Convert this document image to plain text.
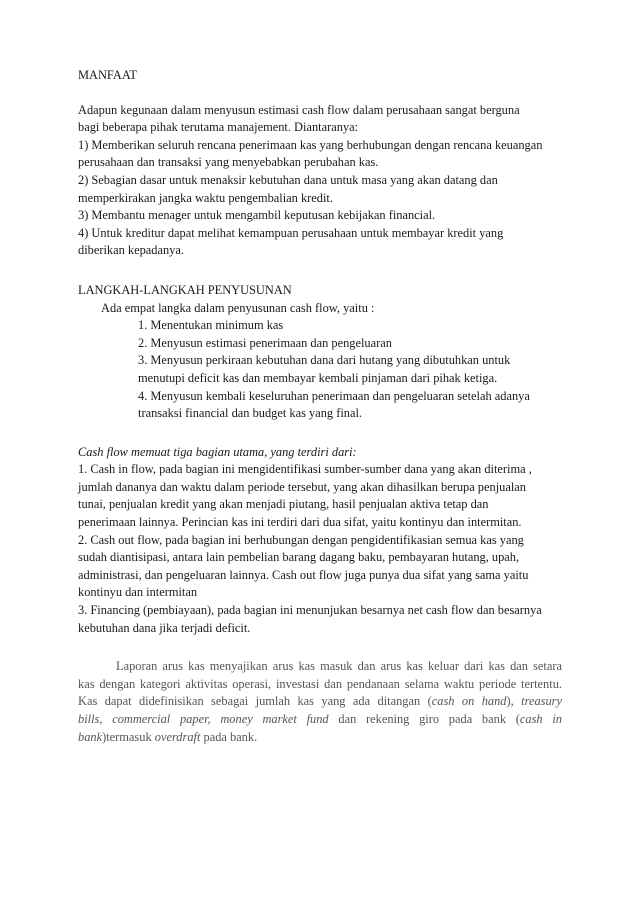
MANFAAT

Adapun kegunaan dalam menyusun estimasi cash flow dalam perusahaan sangat berguna
bagi beberapa pihak terutama manajement. Diantaranya:
1) Memberikan seluruh rencana penerimaan kas yang berhubungan dengan rencana keuangan
perusahaan dan transaksi yang menyebabkan perubahan kas.
2) Sebagian dasar untuk menaksir kebutuhan dana untuk masa yang akan datang dan
memperkirakan jangka waktu pengembalian kredit.
3) Membantu menager untuk mengambil keputusan kebijakan financial.
4) Untuk kreditur dapat melihat kemampuan perusahaan untuk membayar kredit yang
diberikan kepadanya.

LANGKAH-LANGKAH PENYUSUNAN

Ada empat langka dalam penyusunan cash flow, yaitu :
1. Menentukan minimum kas
2. Menyusun estimasi penerimaan dan pengeluaran
3. Menyusun perkiraan kebutuhan dana dari hutang yang dibutuhkan untuk
menutupi deficit kas dan membayar kembali pinjaman dari pihak ketiga.
4. Menyusun kembali keseluruhan penerimaan dan pengeluaran setelah adanya
transaksi financial dan budget kas yang final.

Cash flow memuat tiga bagian utama, yang terdiri dari:
1. Cash in flow, pada bagian ini mengidentifikasi sumber-sumber dana yang akan diterima ,
jumlah dananya dan waktu dalam periode tersebut, yang akan dihasilkan berupa penjualan
tunai, penjualan kredit yang akan menjadi piutang, hasil penjualan aktiva tetap dan
penerimaan lainnya. Perincian kas ini terdiri dari dua sifat, yaitu kontinyu dan intermitan.
2. Cash out flow, pada bagian ini berhubungan dengan pengidentifikasian semua kas yang
sudah diantisipasi, antara lain pembelian barang dagang baku, pembayaran hutang, upah,
administrasi, dan pengeluaran lainnya. Cash out flow juga punya dua sifat yang sama yaitu
kontinyu dan intermitan
3. Financing (pembiayaan), pada bagian ini menunjukan besarnya net cash flow dan besarnya
kebutuhan dana jika terjadi deficit.

Laporan arus kas menyajikan arus kas masuk dan arus kas keluar dari kas dan setara
kas dengan kategori aktivitas operasi, investasi dan pendanaan selama waktu periode tertentu.
Kas dapat didefinisikan sebagai jumlah kas yang ada ditangan (cash on hand), treasury
bills, commercial paper, money market fund dan rekening giro pada bank (cash in
bank)termasuk overdraft pada bank.
